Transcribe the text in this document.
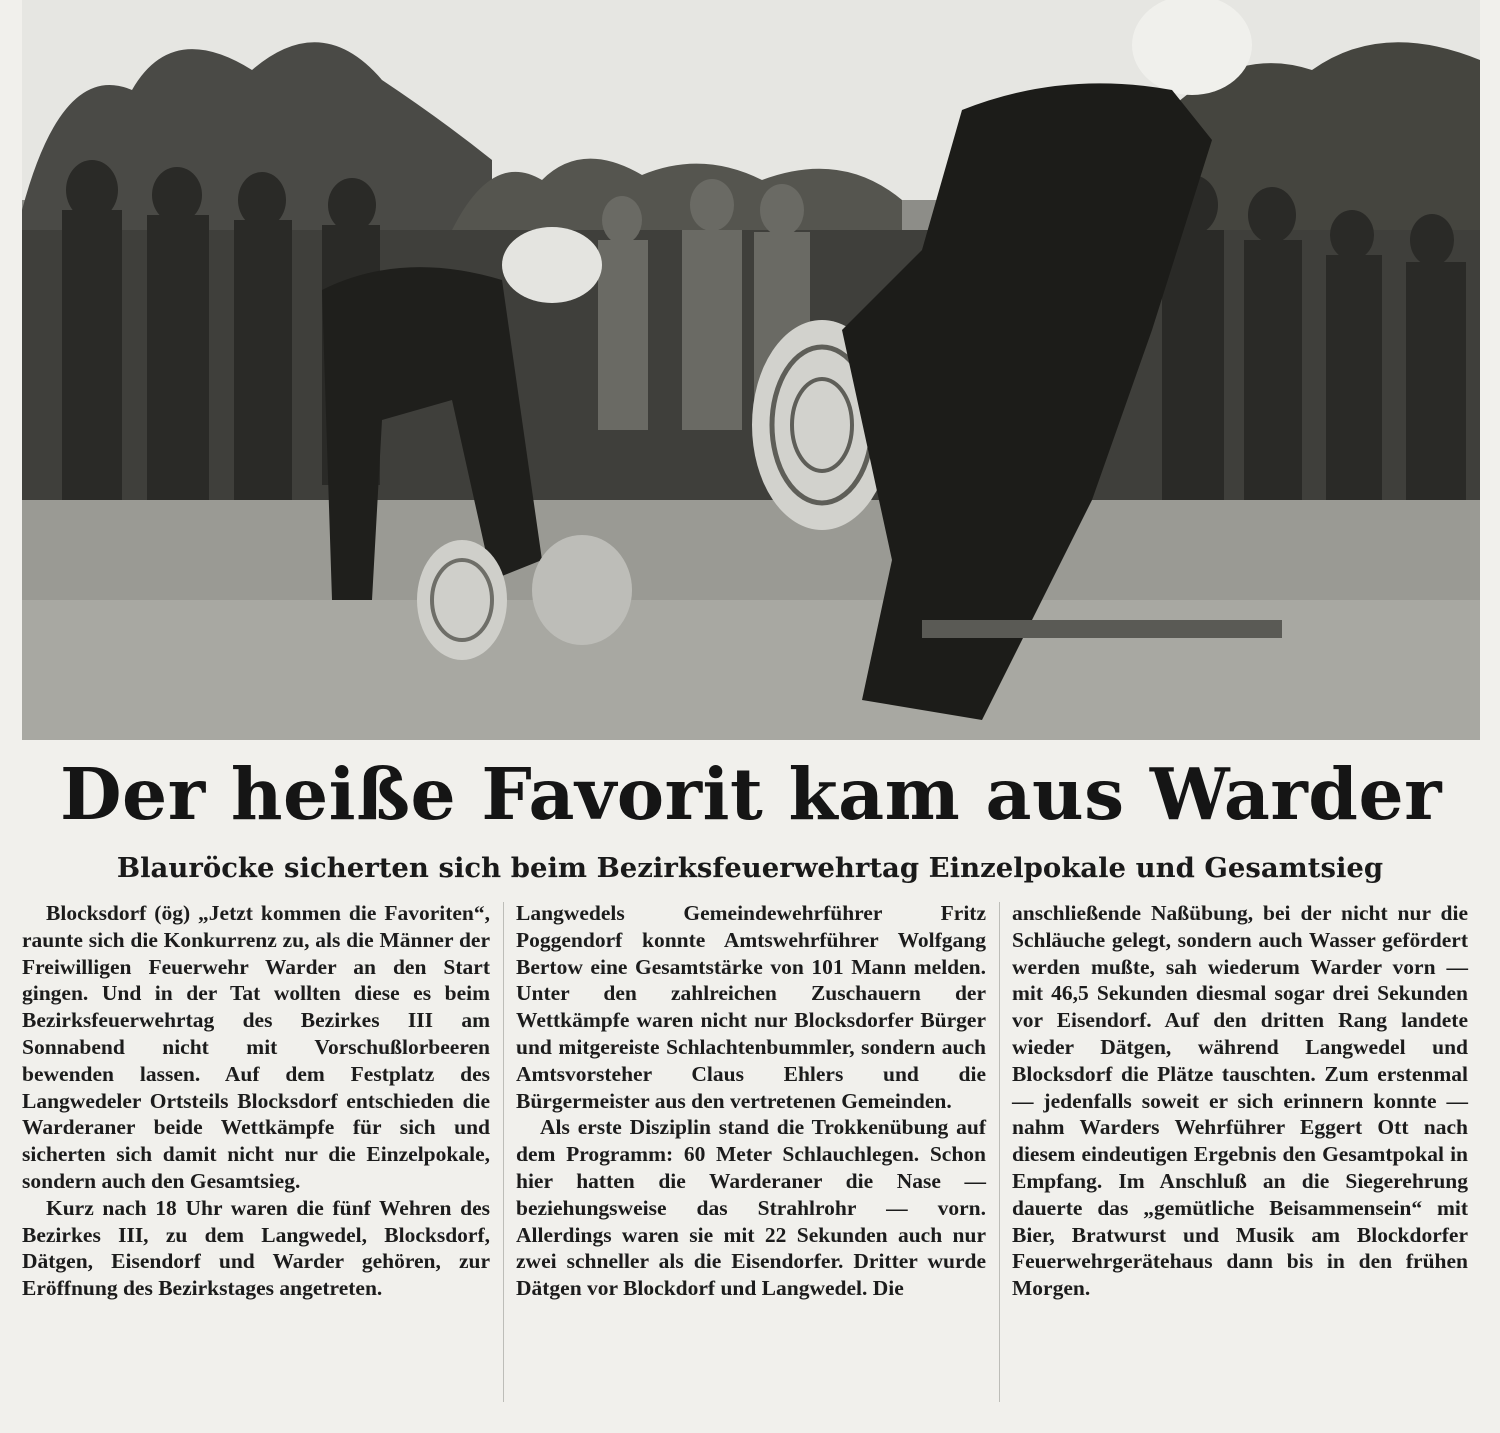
Der heiße Favorit kam aus Warder
Blauröcke sicherten sich beim Bezirksfeuerwehrtag Einzelpokale und Gesamtsieg

Blocksdorf (ög) „Jetzt kommen die Favoriten“, raunte sich die Konkurrenz zu, als die Männer der Freiwilligen Feuerwehr Warder an den Start gingen. Und in der Tat wollten diese es beim Bezirksfeuerwehrtag des Bezirkes III am Sonnabend nicht mit Vorschußlorbeeren bewenden lassen. Auf dem Festplatz des Langwedeler Ortsteils Blocksdorf entschieden die Warderaner beide Wettkämpfe für sich und sicherten sich damit nicht nur die Einzelpokale, sondern auch den Gesamtsieg.

Kurz nach 18 Uhr waren die fünf Wehren des Bezirkes III, zu dem Langwedel, Blocksdorf, Dätgen, Eisendorf und Warder gehören, zur Eröffnung des Bezirkstages angetreten.

Langwedels Gemeindewehrführer Fritz Poggendorf konnte Amtswehrführer Wolfgang Bertow eine Gesamtstärke von 101 Mann melden. Unter den zahlreichen Zuschauern der Wettkämpfe waren nicht nur Blocksdorfer Bürger und mitgereiste Schlachtenbummler, sondern auch Amtsvorsteher Claus Ehlers und die Bürgermeister aus den vertretenen Gemeinden.

Als erste Disziplin stand die Trokkenübung auf dem Programm: 60 Meter Schlauchlegen. Schon hier hatten die Warderaner die Nase — beziehungsweise das Strahlrohr — vorn. Allerdings waren sie mit 22 Sekunden auch nur zwei schneller als die Eisendorfer. Dritter wurde Dätgen vor Blockdorf und Langwedel. Die

anschließende Naßübung, bei der nicht nur die Schläuche gelegt, sondern auch Wasser gefördert werden mußte, sah wiederum Warder vorn — mit 46,5 Sekunden diesmal sogar drei Sekunden vor Eisendorf. Auf den dritten Rang landete wieder Dätgen, während Langwedel und Blocksdorf die Plätze tauschten. Zum erstenmal — jedenfalls soweit er sich erinnern konnte — nahm Warders Wehrführer Eggert Ott nach diesem eindeutigen Ergebnis den Gesamtpokal in Empfang. Im Anschluß an die Siegerehrung dauerte das „gemütliche Beisammensein“ mit Bier, Bratwurst und Musik am Blockdorfer Feuerwehrgerätehaus dann bis in den frühen Morgen.
